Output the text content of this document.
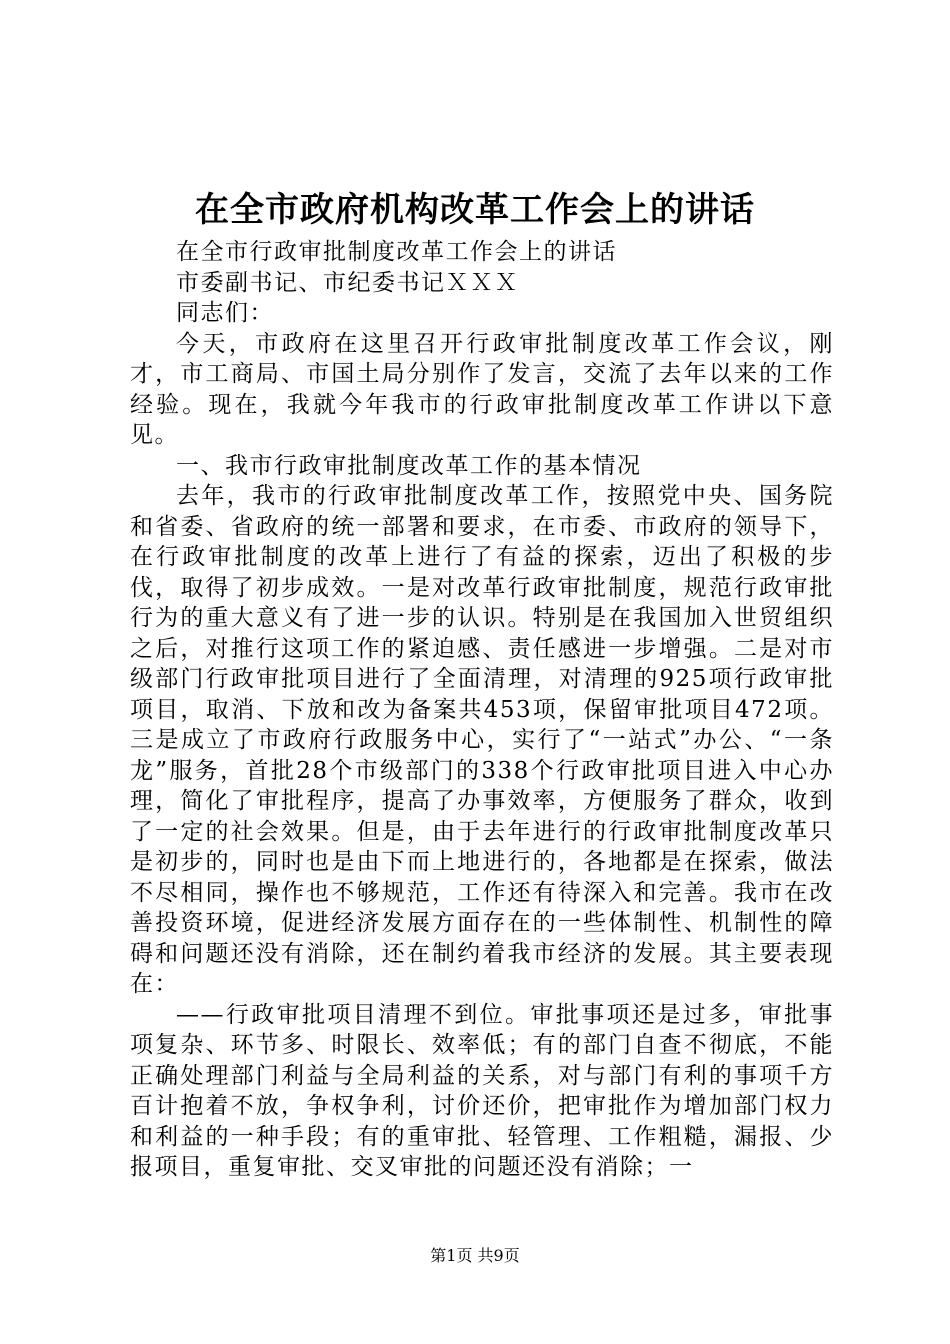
在全市政府机构改革工作会上的讲话

在全市行政审批制度改革工作会上的讲话

市委副书记、市纪委书记ＸＸＸ

同志们：

今天，市政府在这里召开行政审批制度改革工作会议，刚才，市工商局、市国土局分别作了发言，交流了去年以来的工作经验。现在，我就今年我市的行政审批制度改革工作讲以下意见。

一、我市行政审批制度改革工作的基本情况

去年，我市的行政审批制度改革工作，按照党中央、国务院和省委、省政府的统一部署和要求，在市委、市政府的领导下，在行政审批制度的改革上进行了有益的探索，迈出了积极的步伐，取得了初步成效。一是对改革行政审批制度，规范行政审批行为的重大意义有了进一步的认识。特别是在我国加入世贸组织之后，对推行这项工作的紧迫感、责任感进一步增强。二是对市级部门行政审批项目进行了全面清理，对清理的925项行政审批项目，取消、下放和改为备案共453项，保留审批项目472项。三是成立了市政府行政服务中心，实行了“一站式”办公、“一条龙”服务，首批28个市级部门的338个行政审批项目进入中心办理，简化了审批程序，提高了办事效率，方便服务了群众，收到了一定的社会效果。但是，由于去年进行的行政审批制度改革只是初步的，同时也是由下而上地进行的，各地都是在探索，做法不尽相同，操作也不够规范，工作还有待深入和完善。我市在改善投资环境，促进经济发展方面存在的一些体制性、机制性的障碍和问题还没有消除，还在制约着我市经济的发展。其主要表现在：

——行政审批项目清理不到位。审批事项还是过多，审批事项复杂、环节多、时限长、效率低；有的部门自查不彻底，不能正确处理部门利益与全局利益的关系，对与部门有利的事项千方百计抱着不放，争权争利，讨价还价，把审批作为增加部门权力和利益的一种手段；有的重审批、轻管理、工作粗糙，漏报、少报项目，重复审批、交叉审批的问题还没有消除；一

第1页 共9页
